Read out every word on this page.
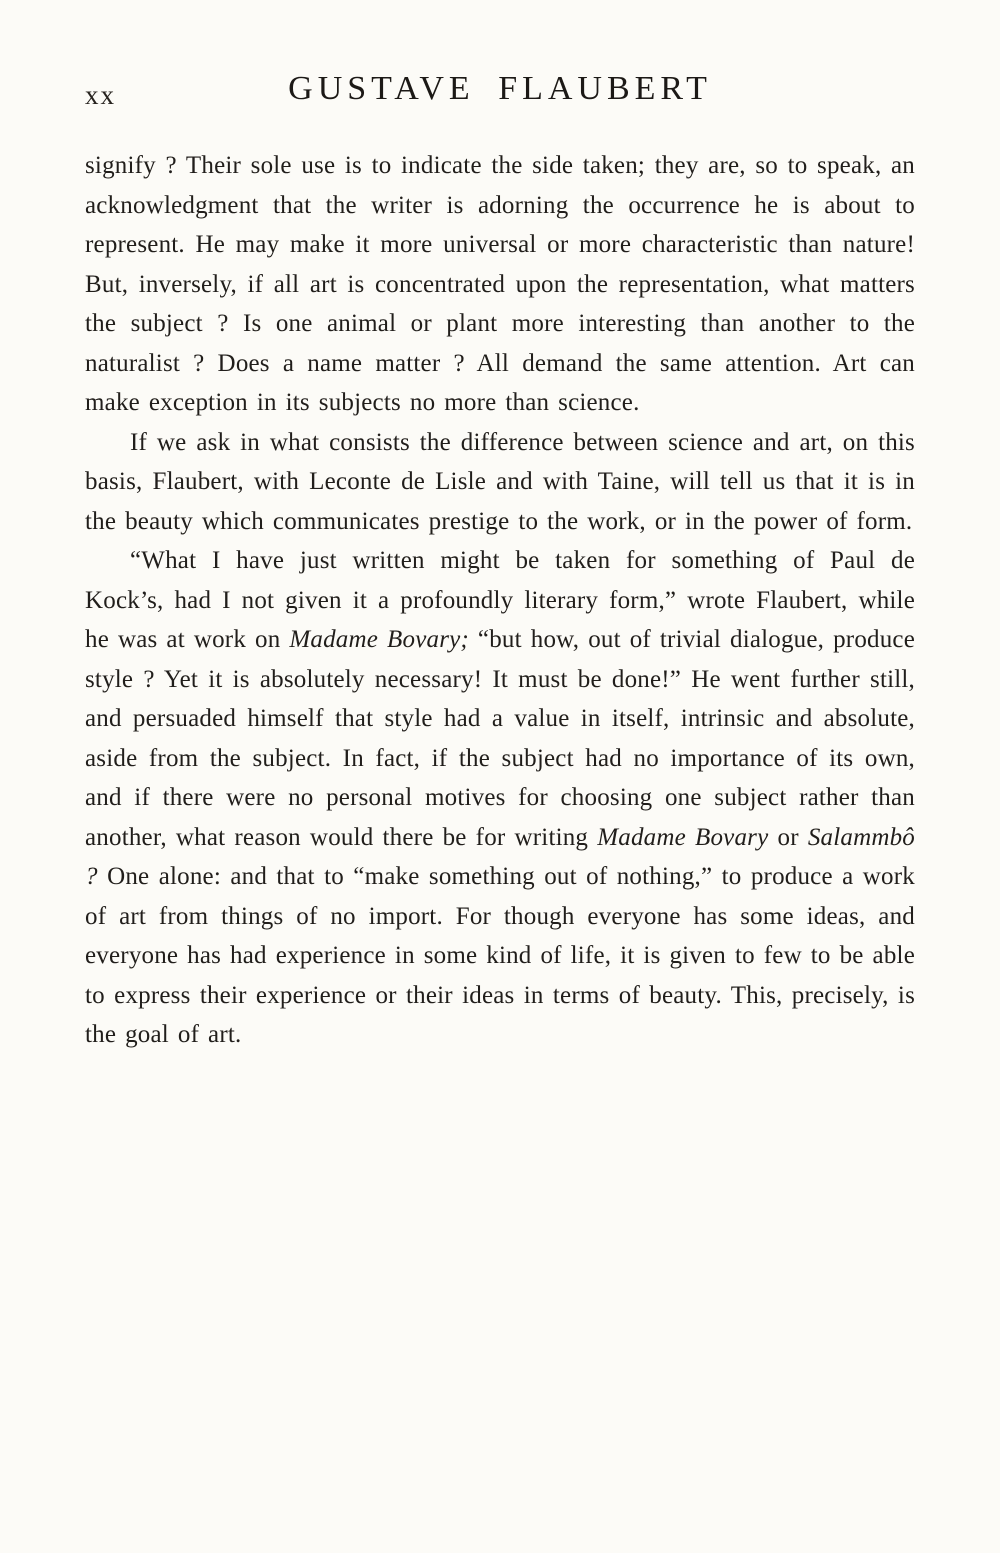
xx	GUSTAVE FLAUBERT

signify ? Their sole use is to indicate the side taken; they are, so to speak, an acknowledgment that the writer is adorning the occurrence he is about to represent. He may make it more universal or more characteristic than nature! But, inversely, if all art is concentrated upon the representation, what matters the subject ? Is one animal or plant more interesting than another to the naturalist ? Does a name matter ? All demand the same attention. Art can make exception in its subjects no more than science.

If we ask in what consists the difference between science and art, on this basis, Flaubert, with Leconte de Lisle and with Taine, will tell us that it is in the beauty which communicates prestige to the work, or in the power of form.

“What I have just written might be taken for something of Paul de Kock’s, had I not given it a profoundly literary form,” wrote Flaubert, while he was at work on Madame Bovary; “but how, out of trivial dialogue, produce style ? Yet it is absolutely necessary! It must be done!” He went further still, and persuaded himself that style had a value in itself, intrinsic and absolute, aside from the subject. In fact, if the subject had no importance of its own, and if there were no personal motives for choosing one subject rather than another, what reason would there be for writing Madame Bovary or Salammbô ? One alone: and that to “make something out of nothing,” to produce a work of art from things of no import. For though everyone has some ideas, and everyone has had experience in some kind of life, it is given to few to be able to express their experience or their ideas in terms of beauty. This, precisely, is the goal of art.
